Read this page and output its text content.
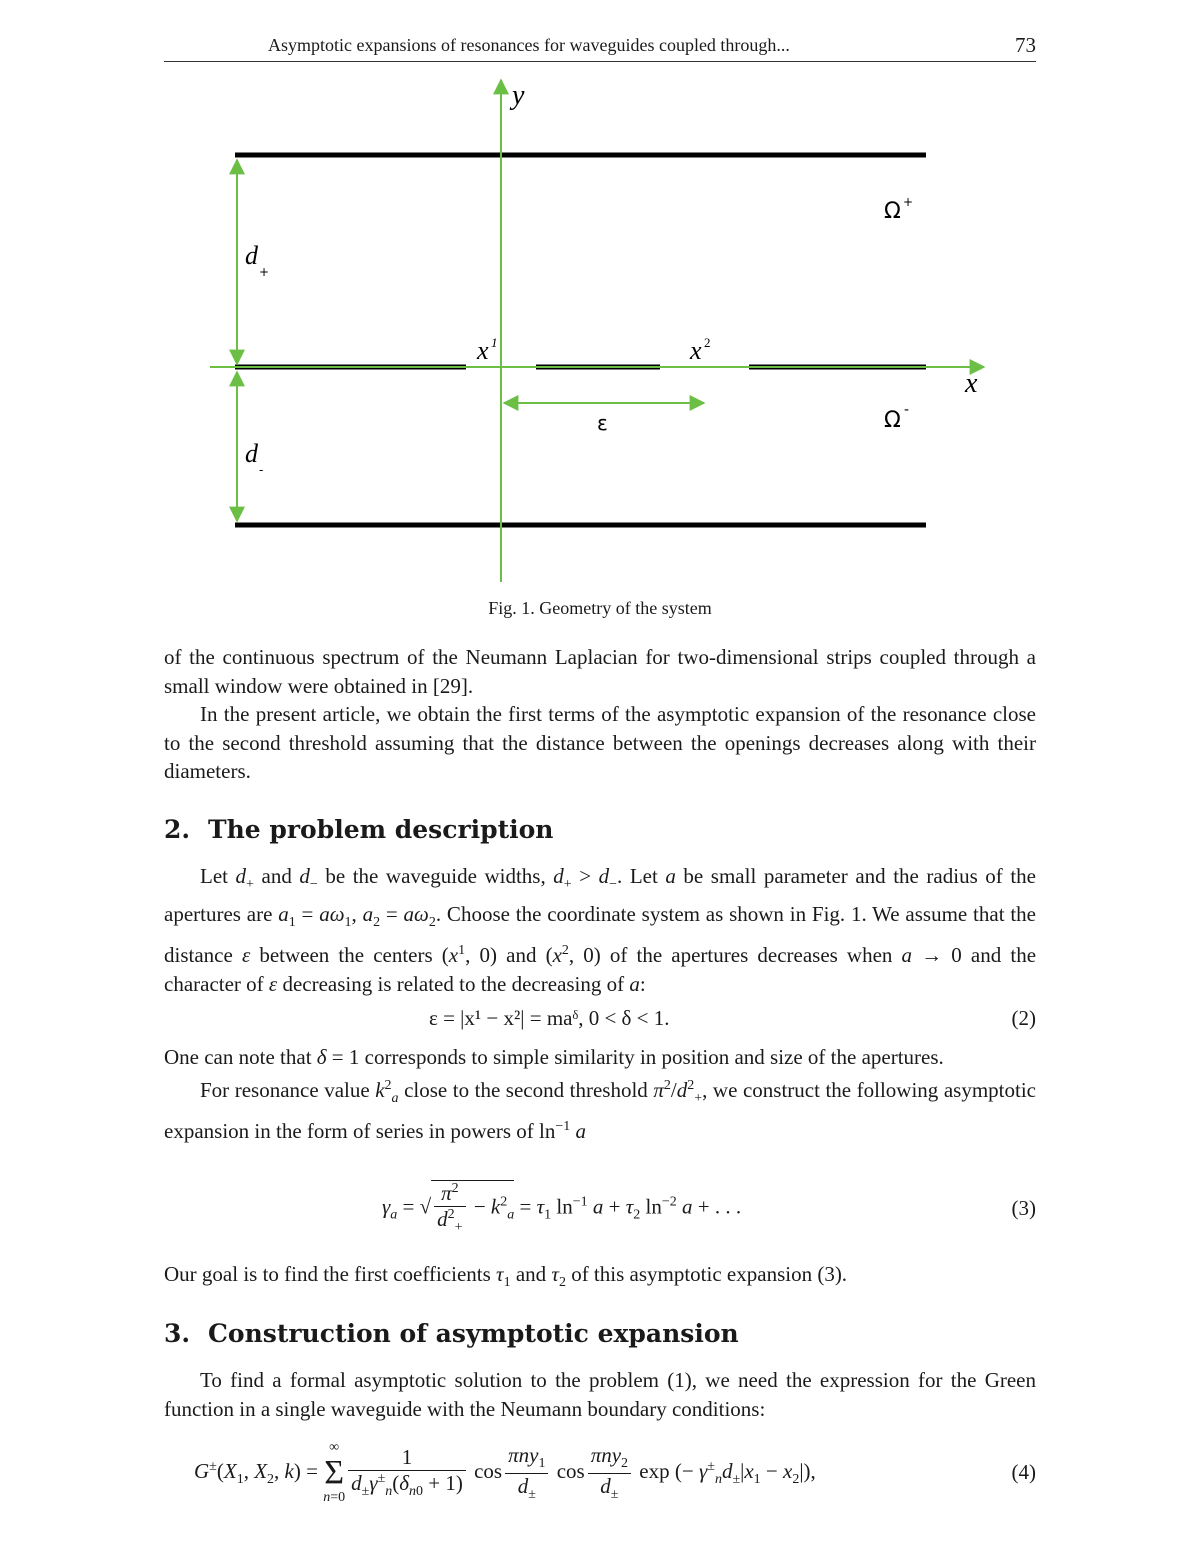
Asymptotic expansions of resonances for waveguides coupled through...	73
y
x
Ω +
Ω -
d
+
d
-
x 1	x 2
ε
Fig. 1. Geometry of the system

of the continuous spectrum of the Neumann Laplacian for two-dimensional strips coupled through a small window were obtained in [29].

In the present article, we obtain the first terms of the asymptotic expansion of the resonance close to the second threshold assuming that the distance between the openings decreases along with their diameters.

2. The problem description

Let $d_+$ and $d_-$ be the waveguide widths, $d_+ > d_-$. Let a be small parameter and the radius of the apertures are $a_1 = a\omega_1$, $a_2 = a\omega_2$. Choose the coordinate system as shown in Fig. 1. We assume that the distance ε between the centers ($x^1$, 0) and ($x^2$, 0) of the apertures decreases when a → 0 and the character of ε decreasing is related to the decreasing of a:

ε = |x¹ − x²| = maᵟ, 0 < δ < 1.	(2)

One can note that δ = 1 corresponds to simple similarity in position and size of the apertures.

For resonance value $k^2_a$ close to the second threshold $\pi^2/d^2_+$, we construct the following asymptotic expansion in the form of series in powers of $\ln^{-1} a$

$\gamma_a$ = √ $\frac{\pi^2}{d^2_+} - k^2_a = \tau_1$ $\ln^{-1} a + \tau_2$ $\ln^{-2} a$ + . . .	(3)

Our goal is to find the first coefficients $\tau_1$ and $\tau_2$ of this asymptotic expansion (3).

3. Construction of asymptotic expansion

To find a formal asymptotic solution to the problem (1), we need the expression for the Green function in a single waveguide with the Neumann boundary conditions:

$G^\pm(X_1$, $X_2$, k) = ∞
Σ
$n=0 \frac{1}{d_\pm\gamma^\pm_n(\delta_{n0} + 1)}$ $\cos \frac{\pi ny_1}{d_\pm}$ $\cos \frac{\pi ny_2}{d_\pm}$ exp (− $\gamma^\pm_nd_\pm|x_1 - x_2|$),	(4)
